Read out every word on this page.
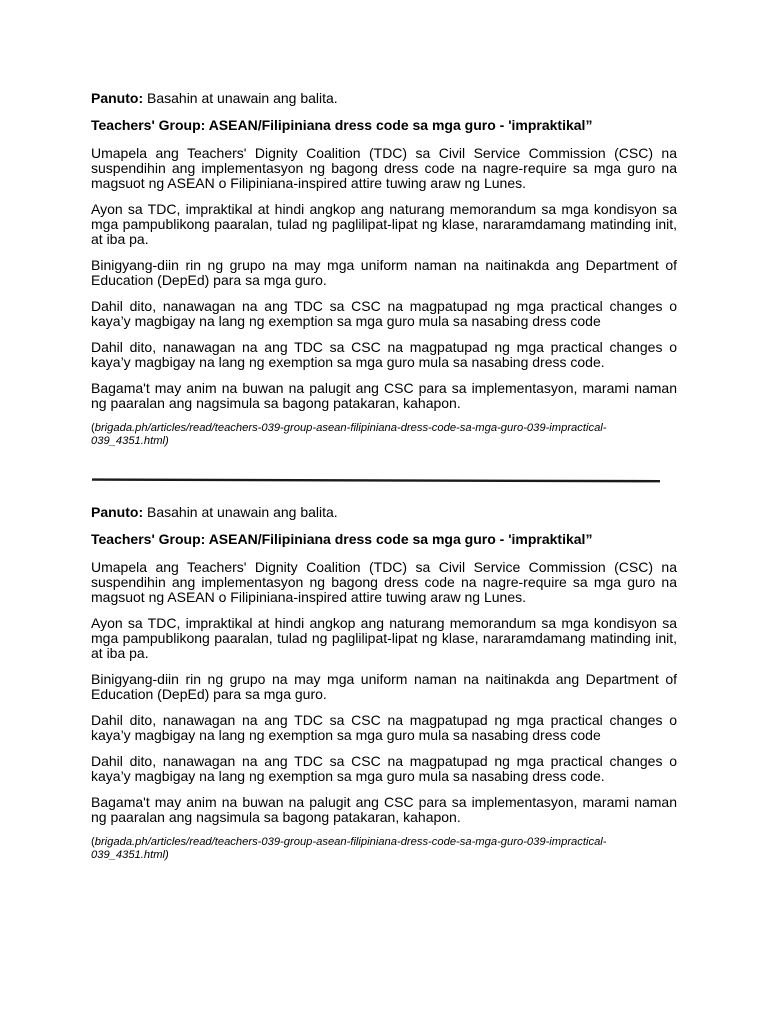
Panuto: Basahin at unawain ang balita.

Teachers' Group: ASEAN/Filipiniana dress code sa mga guro - 'impraktikal”

Umapela ang Teachers' Dignity Coalition (TDC) sa Civil Service Commission (CSC) na suspendihin ang implementasyon ng bagong dress code na nagre-require sa mga guro na magsuot ng ASEAN o Filipiniana-inspired attire tuwing araw ng Lunes.

Ayon sa TDC, impraktikal at hindi angkop ang naturang memorandum sa mga kondisyon sa mga pampublikong paaralan, tulad ng paglilipat-lipat ng klase, nararamdamang matinding init, at iba pa.

Binigyang-diin rin ng grupo na may mga uniform naman na naitinakda ang Department of Education (DepEd) para sa mga guro.

Dahil dito, nanawagan na ang TDC sa CSC na magpatupad ng mga practical changes o kaya’y magbigay na lang ng exemption sa mga guro mula sa nasabing dress code

Dahil dito, nanawagan na ang TDC sa CSC na magpatupad ng mga practical changes o kaya’y magbigay na lang ng exemption sa mga guro mula sa nasabing dress code.

Bagama't may anim na buwan na palugit ang CSC para sa implementasyon, marami naman ng paaralan ang nagsimula sa bagong patakaran, kahapon.

(brigada.ph/articles/read/teachers-039-group-asean-filipiniana-dress-code-sa-mga-guro-039-impractical-039_4351.html)

Panuto: Basahin at unawain ang balita.

Teachers' Group: ASEAN/Filipiniana dress code sa mga guro - 'impraktikal”

Umapela ang Teachers' Dignity Coalition (TDC) sa Civil Service Commission (CSC) na suspendihin ang implementasyon ng bagong dress code na nagre-require sa mga guro na magsuot ng ASEAN o Filipiniana-inspired attire tuwing araw ng Lunes.

Ayon sa TDC, impraktikal at hindi angkop ang naturang memorandum sa mga kondisyon sa mga pampublikong paaralan, tulad ng paglilipat-lipat ng klase, nararamdamang matinding init, at iba pa.

Binigyang-diin rin ng grupo na may mga uniform naman na naitinakda ang Department of Education (DepEd) para sa mga guro.

Dahil dito, nanawagan na ang TDC sa CSC na magpatupad ng mga practical changes o kaya’y magbigay na lang ng exemption sa mga guro mula sa nasabing dress code

Dahil dito, nanawagan na ang TDC sa CSC na magpatupad ng mga practical changes o kaya’y magbigay na lang ng exemption sa mga guro mula sa nasabing dress code.

Bagama't may anim na buwan na palugit ang CSC para sa implementasyon, marami naman ng paaralan ang nagsimula sa bagong patakaran, kahapon.

(brigada.ph/articles/read/teachers-039-group-asean-filipiniana-dress-code-sa-mga-guro-039-impractical-039_4351.html)
